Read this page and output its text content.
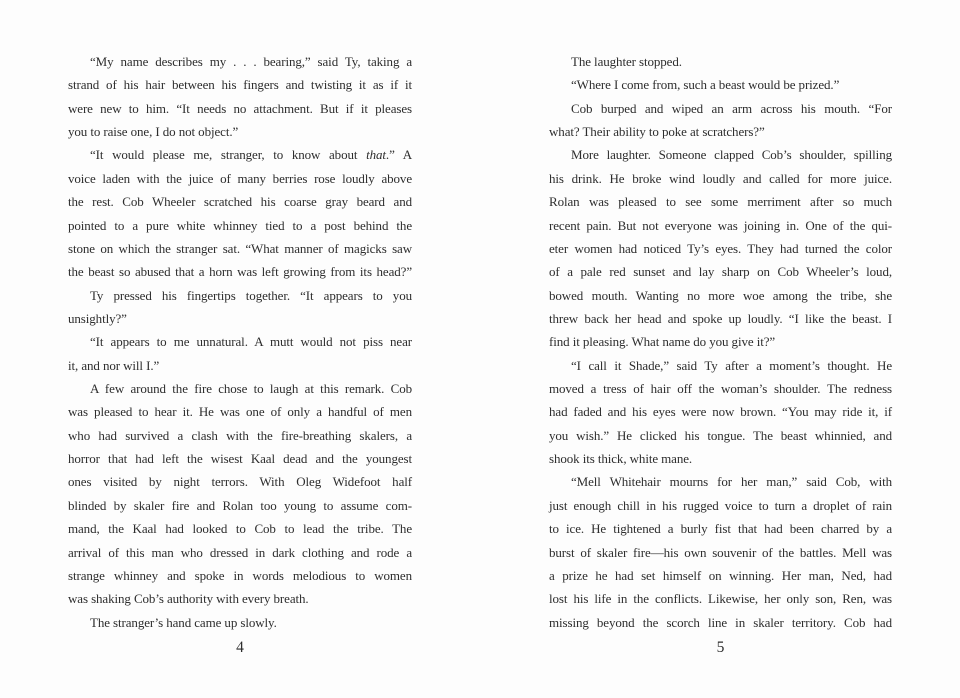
“My name describes my . . . bearing,” said Ty, taking a
strand of his hair between his fingers and twisting it as if it
were new to him. “It needs no attachment. But if it pleases
you to raise one, I do not object.”
“It would please me, stranger, to know about that.” A
voice laden with the juice of many berries rose loudly above
the rest. Cob Wheeler scratched his coarse gray beard and
pointed to a pure white whinney tied to a post behind the
stone on which the stranger sat. “What manner of magicks saw
the beast so abused that a horn was left growing from its head?”
Ty pressed his fingertips together. “It appears to you
unsightly?”
“It appears to me unnatural. A mutt would not piss near
it, and nor will I.”
A few around the fire chose to laugh at this remark. Cob
was pleased to hear it. He was one of only a handful of men
who had survived a clash with the fire-breathing skalers, a
horror that had left the wisest Kaal dead and the youngest
ones visited by night terrors. With Oleg Widefoot half
blinded by skaler fire and Rolan too young to assume com-
mand, the Kaal had looked to Cob to lead the tribe. The
arrival of this man who dressed in dark clothing and rode a
strange whinney and spoke in words melodious to women
was shaking Cob’s authority with every breath.
The stranger’s hand came up slowly.
4
The laughter stopped.
“Where I come from, such a beast would be prized.”
Cob burped and wiped an arm across his mouth. “For
what? Their ability to poke at scratchers?”
More laughter. Someone clapped Cob’s shoulder, spilling
his drink. He broke wind loudly and called for more juice.
Rolan was pleased to see some merriment after so much
recent pain. But not everyone was joining in. One of the qui-
eter women had noticed Ty’s eyes. They had turned the color
of a pale red sunset and lay sharp on Cob Wheeler’s loud,
bowed mouth. Wanting no more woe among the tribe, she
threw back her head and spoke up loudly. “I like the beast. I
find it pleasing. What name do you give it?”
“I call it Shade,” said Ty after a moment’s thought. He
moved a tress of hair off the woman’s shoulder. The redness
had faded and his eyes were now brown. “You may ride it, if
you wish.” He clicked his tongue. The beast whinnied, and
shook its thick, white mane.
“Mell Whitehair mourns for her man,” said Cob, with
just enough chill in his rugged voice to turn a droplet of rain
to ice. He tightened a burly fist that had been charred by a
burst of skaler fire—his own souvenir of the battles. Mell was
a prize he had set himself on winning. Her man, Ned, had
lost his life in the conflicts. Likewise, her only son, Ren, was
missing beyond the scorch line in skaler territory. Cob had
5
